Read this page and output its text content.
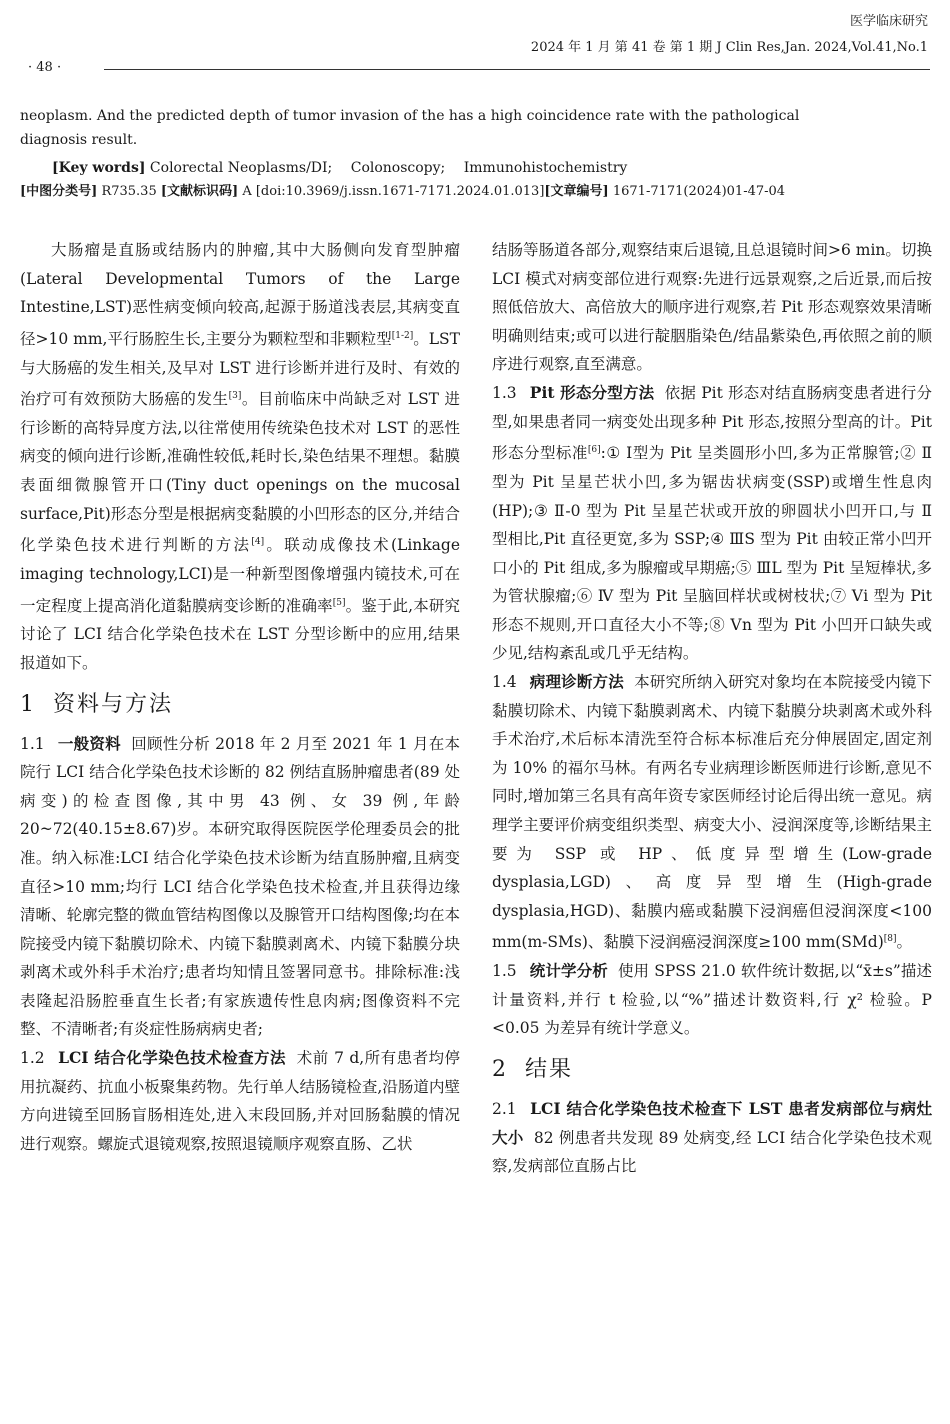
医学临床研究
2024 年 1 月 第 41 卷 第 1 期 J Clin Res,Jan. 2024,Vol.41,No.1
· 48 ·

neoplasm. And the predicted depth of tumor invasion of the has a high coincidence rate with the pathological diagnosis result.

[Key words] Colorectal Neoplasms/DI; Colonoscopy; Immunohistochemistry

[中图分类号] R735.35 [文献标识码] A [doi:10.3969/j.issn.1671-7171.2024.01.013][文章编号] 1671-7171(2024)01-47-04

大肠瘤是直肠或结肠内的肿瘤,其中大肠侧向发育型肿瘤(Lateral Developmental Tumors of the Large Intestine,LST)恶性病变倾向较高,起源于肠道浅表层,其病变直径>10 mm,平行肠腔生长,主要分为颗粒型和非颗粒型[1-2]。LST 与大肠癌的发生相关,及早对 LST 进行诊断并进行及时、有效的治疗可有效预防大肠癌的发生[3]。目前临床中尚缺乏对 LST 进行诊断的高特异度方法,以往常使用传统染色技术对 LST 的恶性病变的倾向进行诊断,准确性较低,耗时长,染色结果不理想。黏膜表面细微腺管开口(Tiny duct openings on the mucosal surface,Pit)形态分型是根据病变黏膜的小凹形态的区分,并结合化学染色技术进行判断的方法[4]。联动成像技术(Linkage imaging technology,LCI)是一种新型图像增强内镜技术,可在一定程度上提高消化道黏膜病变诊断的准确率[5]。鉴于此,本研究讨论了 LCI 结合化学染色技术在 LST 分型诊断中的应用,结果报道如下。

1 资料与方法

1.1 一般资料 回顾性分析 2018 年 2 月至 2021 年 1 月在本院行 LCI 结合化学染色技术诊断的 82 例结直肠肿瘤患者(89 处病变)的检查图像,其中男 43 例、女 39 例,年龄 20~72(40.15±8.67)岁。本研究取得医院医学伦理委员会的批准。纳入标准:LCI 结合化学染色技术诊断为结直肠肿瘤,且病变直径>10 mm;均行 LCI 结合化学染色技术检查,并且获得边缘清晰、轮廓完整的微血管结构图像以及腺管开口结构图像;均在本院接受内镜下黏膜切除术、内镜下黏膜剥离术、内镜下黏膜分块剥离术或外科手术治疗;患者均知情且签署同意书。排除标准:浅表隆起沿肠腔垂直生长者;有家族遗传性息肉病;图像资料不完整、不清晰者;有炎症性肠病病史者;

1.2 LCI 结合化学染色技术检查方法 术前 7 d,所有患者均停用抗凝药、抗血小板聚集药物。先行单人结肠镜检查,沿肠道内壁方向进镜至回肠盲肠相连处,进入末段回肠,并对回肠黏膜的情况进行观察。螺旋式退镜观察,按照退镜顺序观察直肠、乙状

结肠等肠道各部分,观察结束后退镜,且总退镜时间>6 min。切换 LCI 模式对病变部位进行观察:先进行远景观察,之后近景,而后按照低倍放大、高倍放大的顺序进行观察,若 Pit 形态观察效果清晰明确则结束;或可以进行靛胭脂染色/结晶紫染色,再依照之前的顺序进行观察,直至满意。

1.3 Pit 形态分型方法 依据 Pit 形态对结直肠病变患者进行分型,如果患者同一病变处出现多种 Pit 形态,按照分型高的计。Pit 形态分型标准[6]:① Ⅰ型为 Pit 呈类圆形小凹,多为正常腺管;② Ⅱ 型为 Pit 呈星芒状小凹,多为锯齿状病变(SSP)或增生性息肉(HP);③ Ⅱ-0 型为 Pit 呈星芒状或开放的卵圆状小凹开口,与 Ⅱ 型相比,Pit 直径更宽,多为 SSP;④ ⅢS 型为 Pit 由较正常小凹开口小的 Pit 组成,多为腺瘤或早期癌;⑤ ⅢL 型为 Pit 呈短棒状,多为管状腺瘤;⑥ Ⅳ 型为 Pit 呈脑回样状或树枝状;⑦ Ⅴi 型为 Pit 形态不规则,开口直径大小不等;⑧ Ⅴn 型为 Pit 小凹开口缺失或少见,结构紊乱或几乎无结构。

1.4 病理诊断方法 本研究所纳入研究对象均在本院接受内镜下黏膜切除术、内镜下黏膜剥离术、内镜下黏膜分块剥离术或外科手术治疗,术后标本清洗至符合标本标准后充分伸展固定,固定剂为 10% 的福尔马林。有两名专业病理诊断医师进行诊断,意见不同时,增加第三名具有高年资专家医师经讨论后得出统一意见。病理学主要评价病变组织类型、病变大小、浸润深度等,诊断结果主要为 SSP 或 HP、低度异型增生(Low-grade dysplasia,LGD)、高度异型增生(High-grade dysplasia,HGD)、黏膜内癌或黏膜下浸润癌但浸润深度<100 mm(m-SMs)、黏膜下浸润癌浸润深度≥100 mm(SMd)[8]。

1.5 统计学分析 使用 SPSS 21.0 软件统计数据,以“x̄±s”描述计量资料,并行 t 检验,以“%”描述计数资料,行 χ² 检验。P <0.05 为差异有统计学意义。

2 结果

2.1 LCI 结合化学染色技术检查下 LST 患者发病部位与病灶大小 82 例患者共发现 89 处病变,经 LCI 结合化学染色技术观察,发病部位直肠占比
